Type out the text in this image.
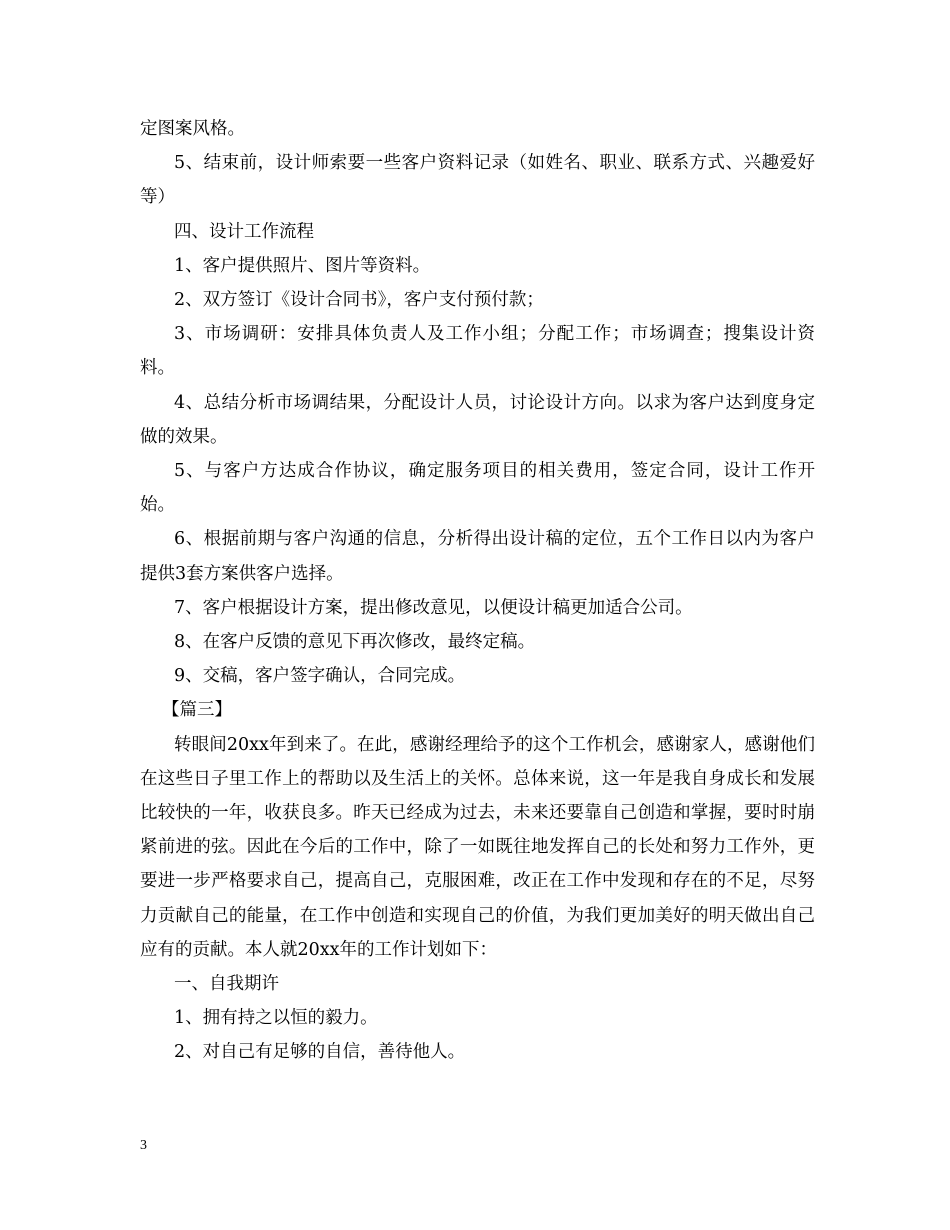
定图案风格。

5、结束前，设计师索要一些客户资料记录（如姓名、职业、联系方式、兴趣爱好等）

四、设计工作流程

1、客户提供照片、图片等资料。

2、双方签订《设计合同书》，客户支付预付款；

3、市场调研：安排具体负责人及工作小组；分配工作；市场调查；搜集设计资料。

4、总结分析市场调结果，分配设计人员，讨论设计方向。以求为客户达到度身定做的效果。

5、与客户方达成合作协议，确定服务项目的相关费用，签定合同，设计工作开始。

6、根据前期与客户沟通的信息，分析得出设计稿的定位，五个工作日以内为客户提供3套方案供客户选择。

7、客户根据设计方案，提出修改意见，以便设计稿更加适合公司。

8、在客户反馈的意见下再次修改，最终定稿。

9、交稿，客户签字确认，合同完成。

【篇三】

转眼间20xx年到来了。在此，感谢经理给予的这个工作机会，感谢家人，感谢他们在这些日子里工作上的帮助以及生活上的关怀。总体来说，这一年是我自身成长和发展比较快的一年，收获良多。昨天已经成为过去，未来还要靠自己创造和掌握，要时时崩紧前进的弦。因此在今后的工作中，除了一如既往地发挥自己的长处和努力工作外，更要进一步严格要求自己，提高自己，克服困难，改正在工作中发现和存在的不足，尽努力贡献自己的能量，在工作中创造和实现自己的价值，为我们更加美好的明天做出自己应有的贡献。本人就20xx年的工作计划如下：

一、自我期许

1、拥有持之以恒的毅力。

2、对自己有足够的自信，善待他人。

3
